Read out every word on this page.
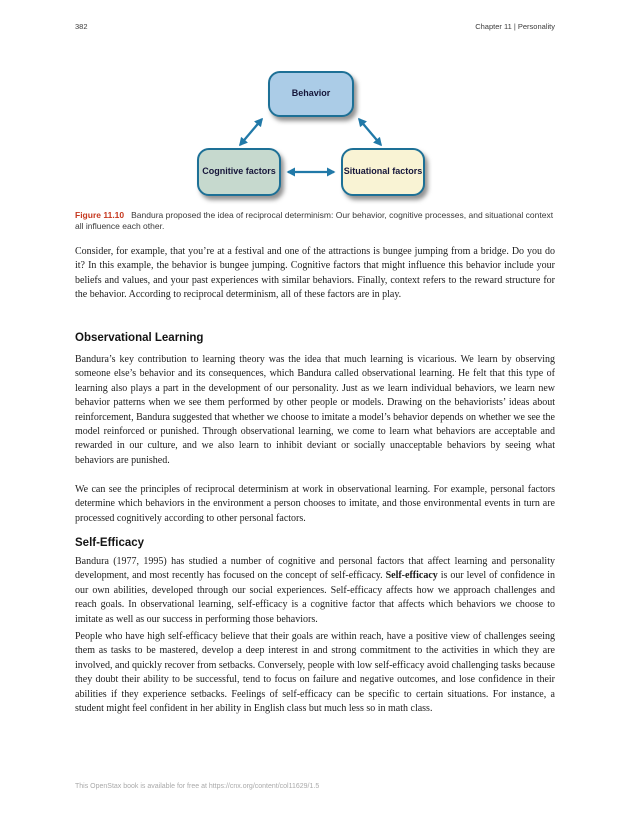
382	Chapter 11 | Personality
Behavior
Cognitive factors	Situational factors
Figure 11.10 Bandura proposed the idea of reciprocal determinism: Our behavior, cognitive processes, and situational context all influence each other.

Consider, for example, that you’re at a festival and one of the attractions is bungee jumping from a bridge. Do you do it? In this example, the behavior is bungee jumping. Cognitive factors that might influence this behavior include your beliefs and values, and your past experiences with similar behaviors. Finally, context refers to the reward structure for the behavior. According to reciprocal determinism, all of these factors are in play.

Observational Learning

Bandura’s key contribution to learning theory was the idea that much learning is vicarious. We learn by observing someone else’s behavior and its consequences, which Bandura called observational learning. He felt that this type of learning also plays a part in the development of our personality. Just as we learn individual behaviors, we learn new behavior patterns when we see them performed by other people or models. Drawing on the behaviorists’ ideas about reinforcement, Bandura suggested that whether we choose to imitate a model’s behavior depends on whether we see the model reinforced or punished. Through observational learning, we come to learn what behaviors are acceptable and rewarded in our culture, and we also learn to inhibit deviant or socially unacceptable behaviors by seeing what behaviors are punished.

We can see the principles of reciprocal determinism at work in observational learning. For example, personal factors determine which behaviors in the environment a person chooses to imitate, and those environmental events in turn are processed cognitively according to other personal factors.

Self-Efficacy

Bandura (1977, 1995) has studied a number of cognitive and personal factors that affect learning and personality development, and most recently has focused on the concept of self-efficacy. Self-efficacy is our level of confidence in our own abilities, developed through our social experiences. Self-efficacy affects how we approach challenges and reach goals. In observational learning, self-efficacy is a cognitive factor that affects which behaviors we choose to imitate as well as our success in performing those behaviors.

People who have high self-efficacy believe that their goals are within reach, have a positive view of challenges seeing them as tasks to be mastered, develop a deep interest in and strong commitment to the activities in which they are involved, and quickly recover from setbacks. Conversely, people with low self-efficacy avoid challenging tasks because they doubt their ability to be successful, tend to focus on failure and negative outcomes, and lose confidence in their abilities if they experience setbacks. Feelings of self-efficacy can be specific to certain situations. For instance, a student might feel confident in her ability in English class but much less so in math class.

This OpenStax book is available for free at https://cnx.org/content/col11629/1.5
